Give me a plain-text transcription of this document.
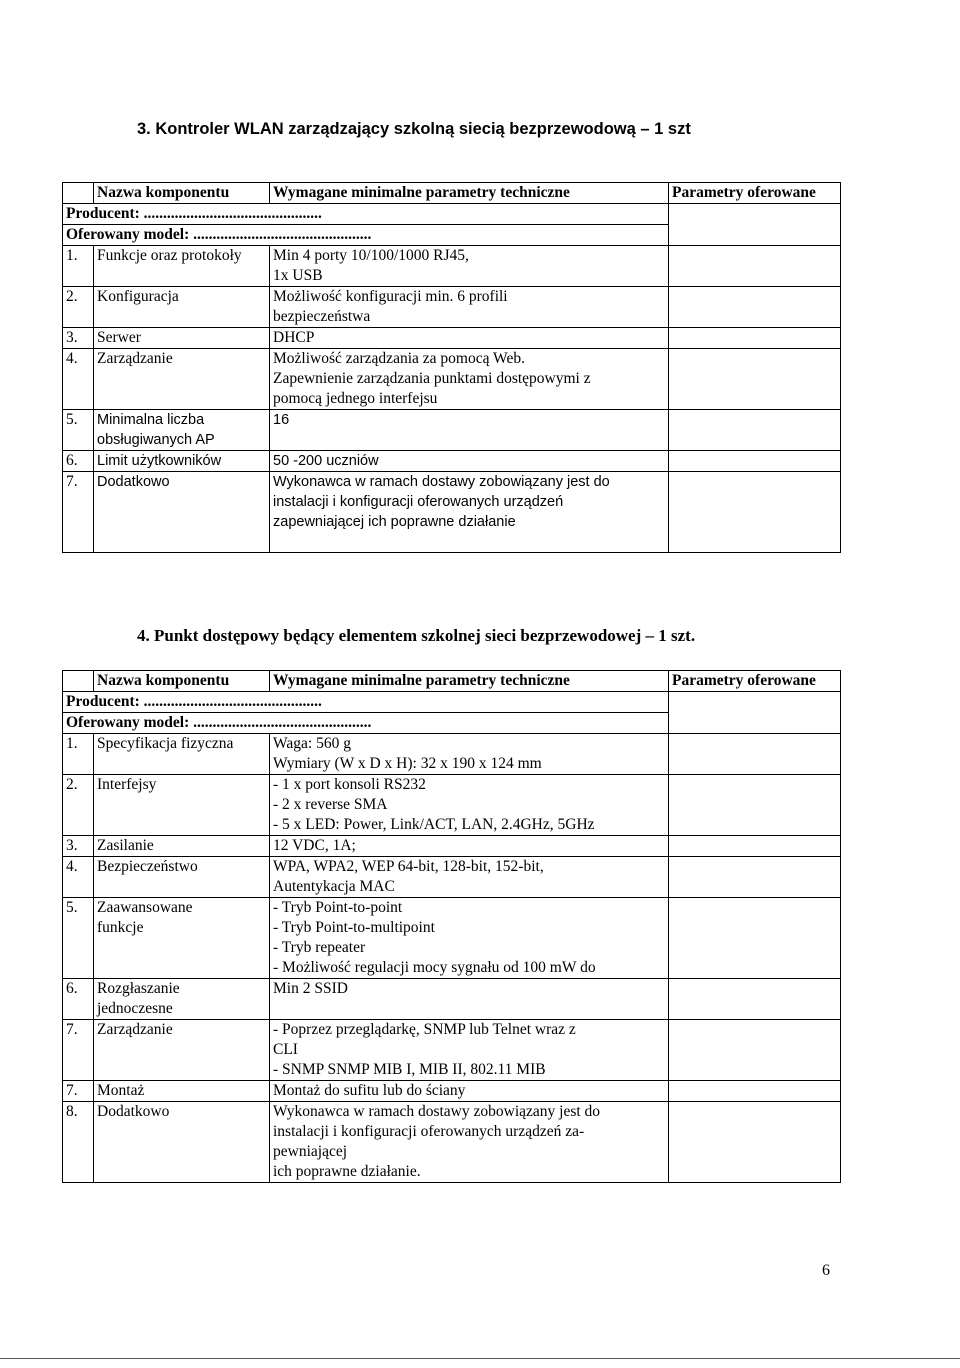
3. Kontroler WLAN zarządzający szkolną siecią bezprzewodową – 1 szt
	Nazwa komponentu	Wymagane minimalne parametry techniczne	Parametry oferowane
Producent: ..............................................			
Oferowany model: ..............................................			
1.	Funkcje oraz protokoły	Min 4 porty 10/100/1000 RJ45,
1x USB	

2.	Konfiguracja	Możliwość konfiguracji min. 6 profili
bezpieczeństwa	

3.	Serwer	DHCP	

4.	Zarządzanie	Możliwość zarządzania za pomocą Web.
Zapewnienie zarządzania punktami dostępowymi z
pomocą jednego interfejsu	

5.	Minimalna liczba
obsługiwanych AP	16	

6.	Limit użytkowników	50 -200 uczniów	

7.	Dodatkowo	Wykonawca w ramach dostawy zobowiązany jest do
instalacji i konfiguracji oferowanych urządzeń
zapewniającej ich poprawne działanie	

4. Punkt dostępowy będący elementem szkolnej sieci bezprzewodowej – 1 szt.
	Nazwa komponentu	Wymagane minimalne parametry techniczne	Parametry oferowane
Producent: ..............................................			
Oferowany model: ..............................................			
1.	Specyfikacja fizyczna	Waga: 560 g
Wymiary (W x D x H): 32 x 190 x 124 mm	

2.	Interfejsy	- 1 x port konsoli RS232
- 2 x reverse SMA
- 5 x LED: Power, Link/ACT, LAN, 2.4GHz, 5GHz	

3.	Zasilanie	12 VDC, 1A;	

4.	Bezpieczeństwo	WPA, WPA2, WEP 64-bit, 128-bit, 152-bit,
Autentykacja MAC	

5.	Zaawansowane
funkcje	- Tryb Point-to-point
- Tryb Point-to-multipoint
- Tryb repeater
- Możliwość regulacji mocy sygnału od 100 mW do	

6.	Rozgłaszanie
jednoczesne	Min 2 SSID	

7.	Zarządzanie	- Poprzez przeglądarkę, SNMP lub Telnet wraz z
CLI
- SNMP SNMP MIB I, MIB II, 802.11 MIB	

7.	Montaż	Montaż do sufitu lub do ściany	

8.	Dodatkowo	Wykonawca w ramach dostawy zobowiązany jest do
instalacji i konfiguracji oferowanych urządzeń za-
pewniającej
ich poprawne działanie.	

6
